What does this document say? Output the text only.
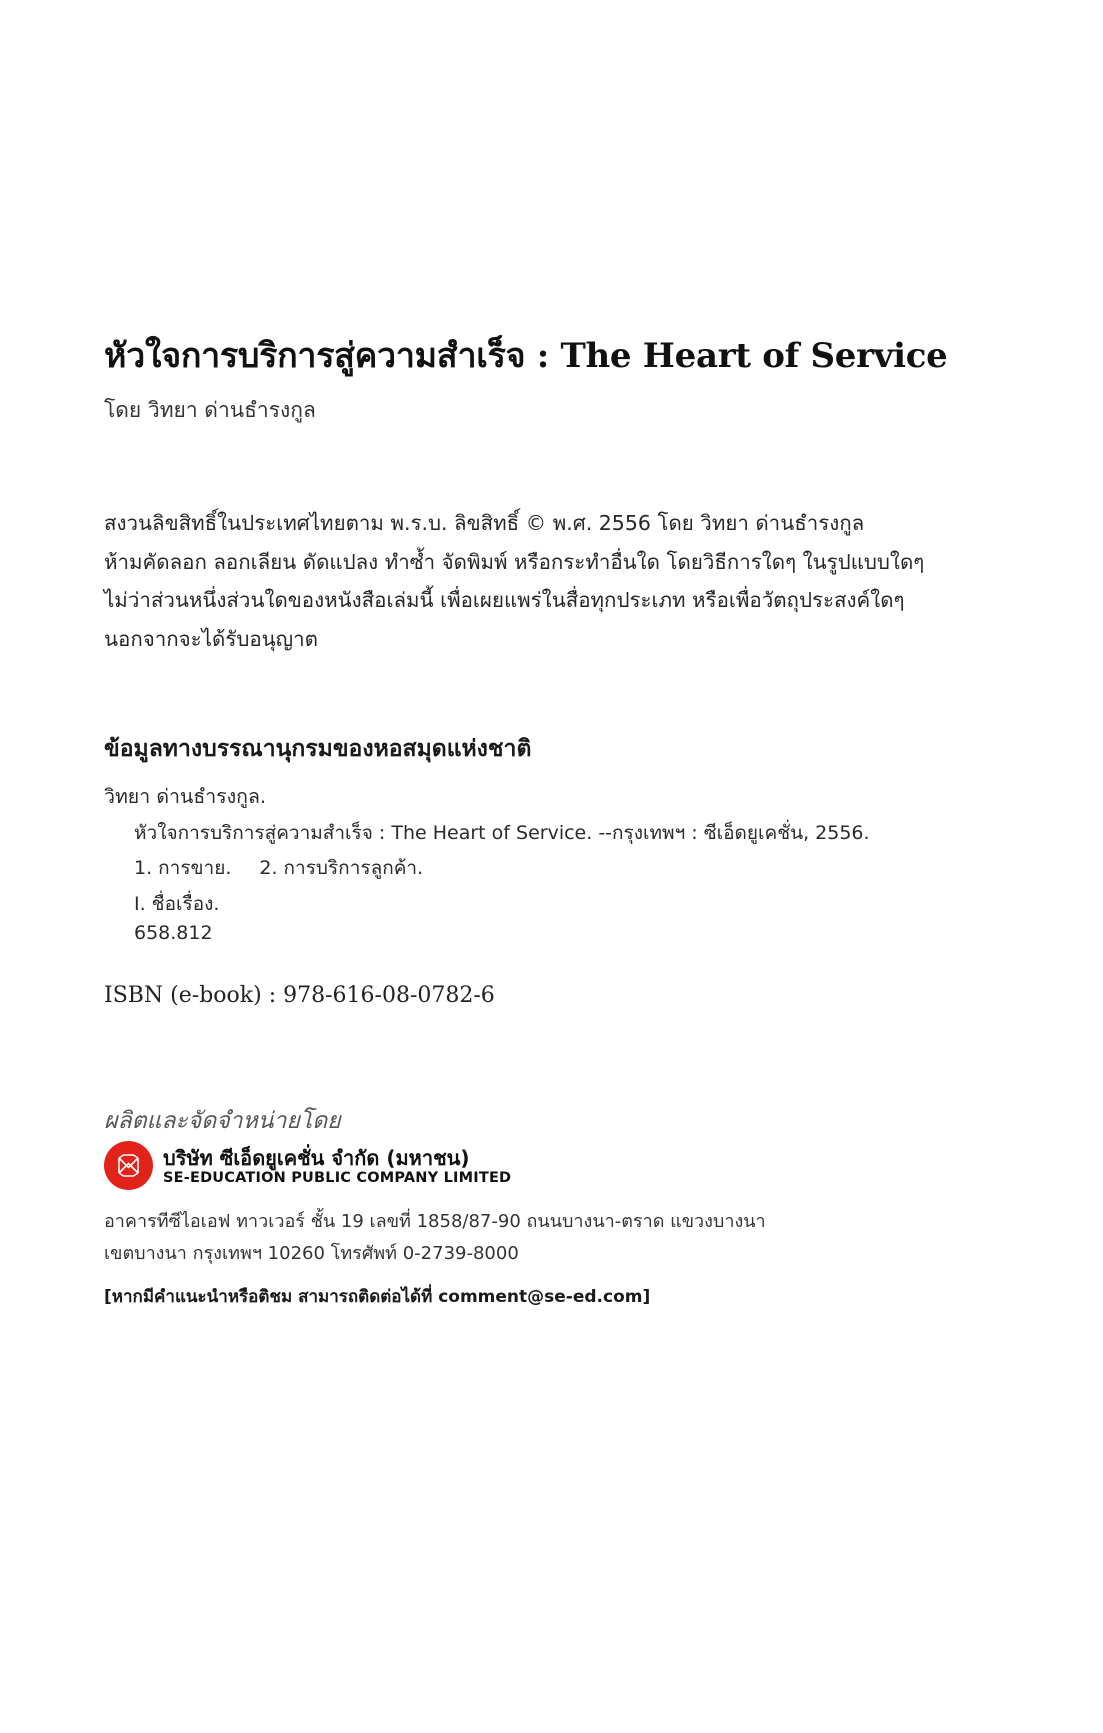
หัวใจการบริการสู่ความสำเร็จ : The Heart of Service
โดย วิทยา ด่านธำรงกูล
สงวนลิขสิทธิ์ในประเทศไทยตาม พ.ร.บ. ลิขสิทธิ์ © พ.ศ. 2556 โดย วิทยา ด่านธำรงกูล
ห้ามคัดลอก ลอกเลียน ดัดแปลง ทำซ้ำ จัดพิมพ์ หรือกระทำอื่นใด โดยวิธีการใดๆ ในรูปแบบใดๆ
ไม่ว่าส่วนหนึ่งส่วนใดของหนังสือเล่มนี้ เพื่อเผยแพร่ในสื่อทุกประเภท หรือเพื่อวัตถุประสงค์ใดๆ
นอกจากจะได้รับอนุญาต
ข้อมูลทางบรรณานุกรมของหอสมุดแห่งชาติ
วิทยา ด่านธำรงกูล.
หัวใจการบริการสู่ความสำเร็จ : The Heart of Service. --กรุงเทพฯ : ซีเอ็ดยูเคชั่น, 2556.
1. การขาย. 2. การบริการลูกค้า.
I. ชื่อเรื่อง.
658.812
ISBN (e-book) : 978-616-08-0782-6
ผลิตและจัดจำหน่ายโดย
บริษัท ซีเอ็ดยูเคชั่น จำกัด (มหาชน)
SE-EDUCATION PUBLIC COMPANY LIMITED
อาคารทีซีไอเอฟ ทาวเวอร์ ชั้น 19 เลขที่ 1858/87-90 ถนนบางนา-ตราด แขวงบางนา
เขตบางนา กรุงเทพฯ 10260 โทรศัพท์ 0-2739-8000
[หากมีคำแนะนำหรือติชม สามารถติดต่อได้ที่ comment@se-ed.com]
